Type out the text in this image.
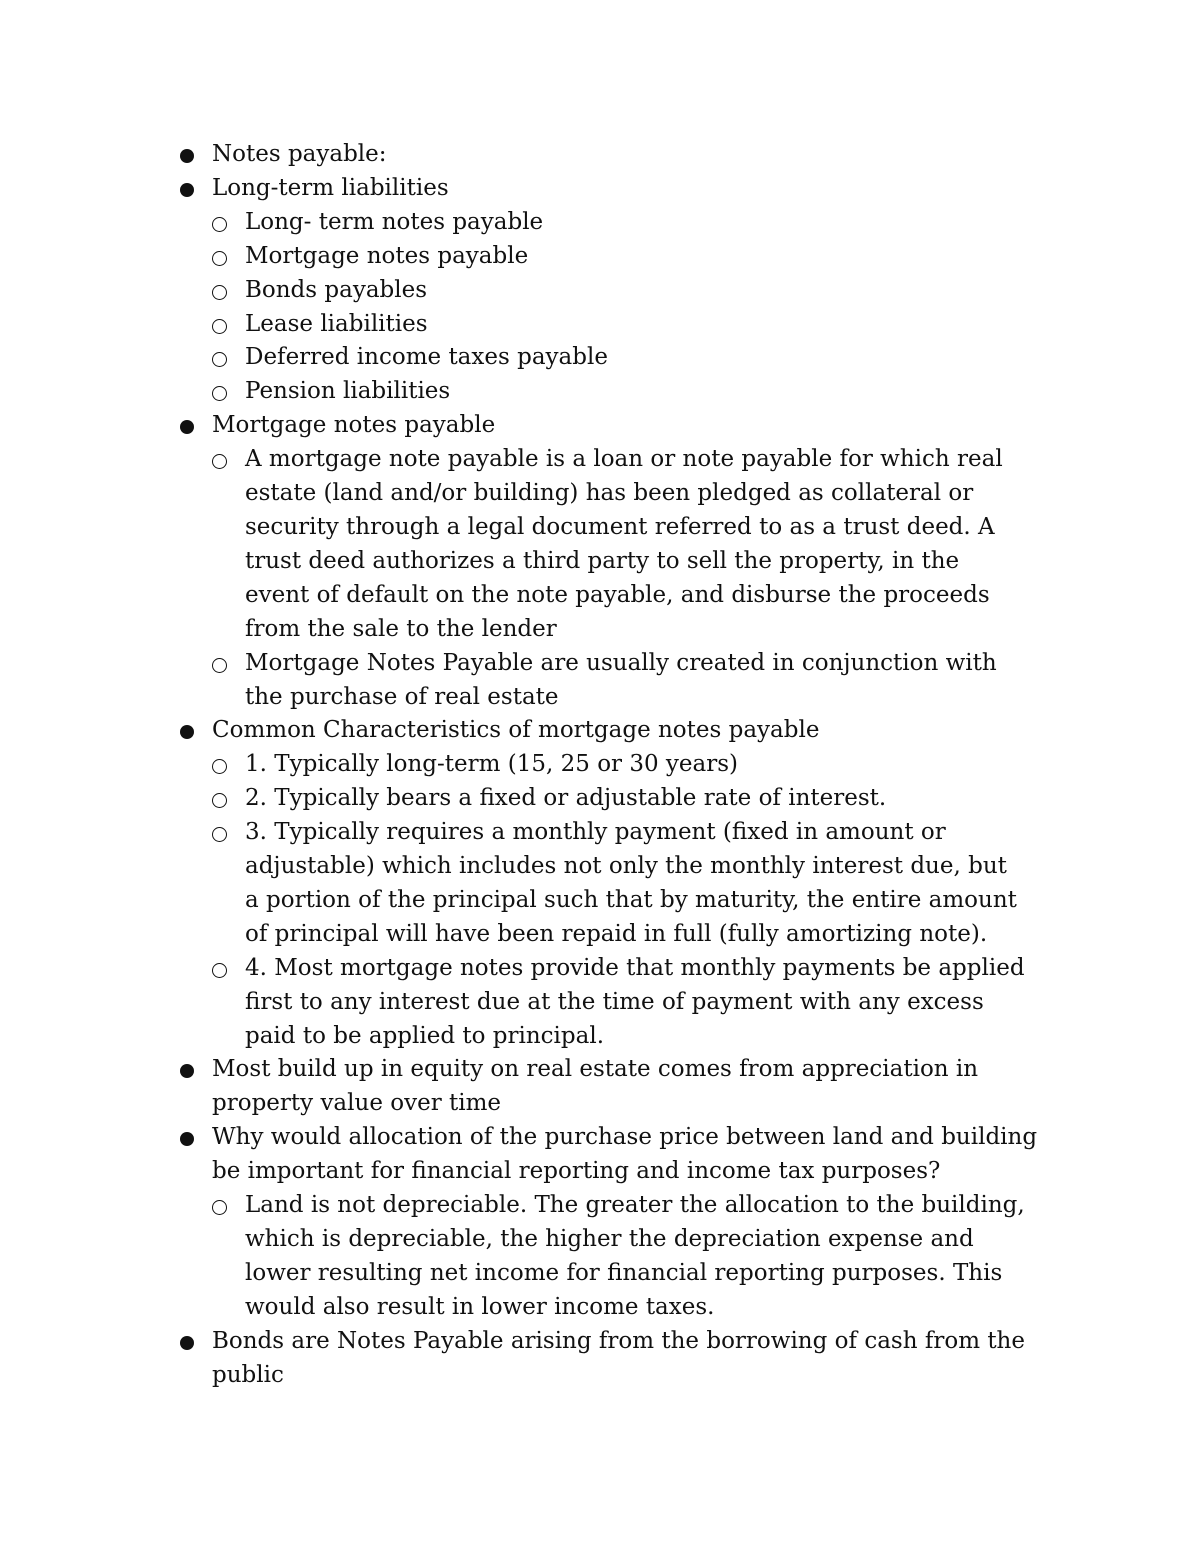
Notes payable:
Long-term liabilities
Long- term notes payable
Mortgage notes payable
Bonds payables
Lease liabilities
Deferred income taxes payable
Pension liabilities
Mortgage notes payable
A mortgage note payable is a loan or note payable for which real estate (land and/or building) has been pledged as collateral or security through a legal document referred to as a trust deed. A trust deed authorizes a third party to sell the property, in the event of default on the note payable, and disburse the proceeds from the sale to the lender
Mortgage Notes Payable are usually created in conjunction with the purchase of real estate
Common Characteristics of mortgage notes payable
1. Typically long-term (15, 25 or 30 years)
2. Typically bears a fixed or adjustable rate of interest.
3. Typically requires a monthly payment (fixed in amount or adjustable) which includes not only the monthly interest due, but a portion of the principal such that by maturity, the entire amount of principal will have been repaid in full (fully amortizing note).
4. Most mortgage notes provide that monthly payments be applied first to any interest due at the time of payment with any excess paid to be applied to principal.
Most build up in equity on real estate comes from appreciation in property value over time
Why would allocation of the purchase price between land and building be important for financial reporting and income tax purposes?
Land is not depreciable. The greater the allocation to the building, which is depreciable, the higher the depreciation expense and lower resulting net income for financial reporting purposes. This would also result in lower income taxes.
Bonds are Notes Payable arising from the borrowing of cash from the public
